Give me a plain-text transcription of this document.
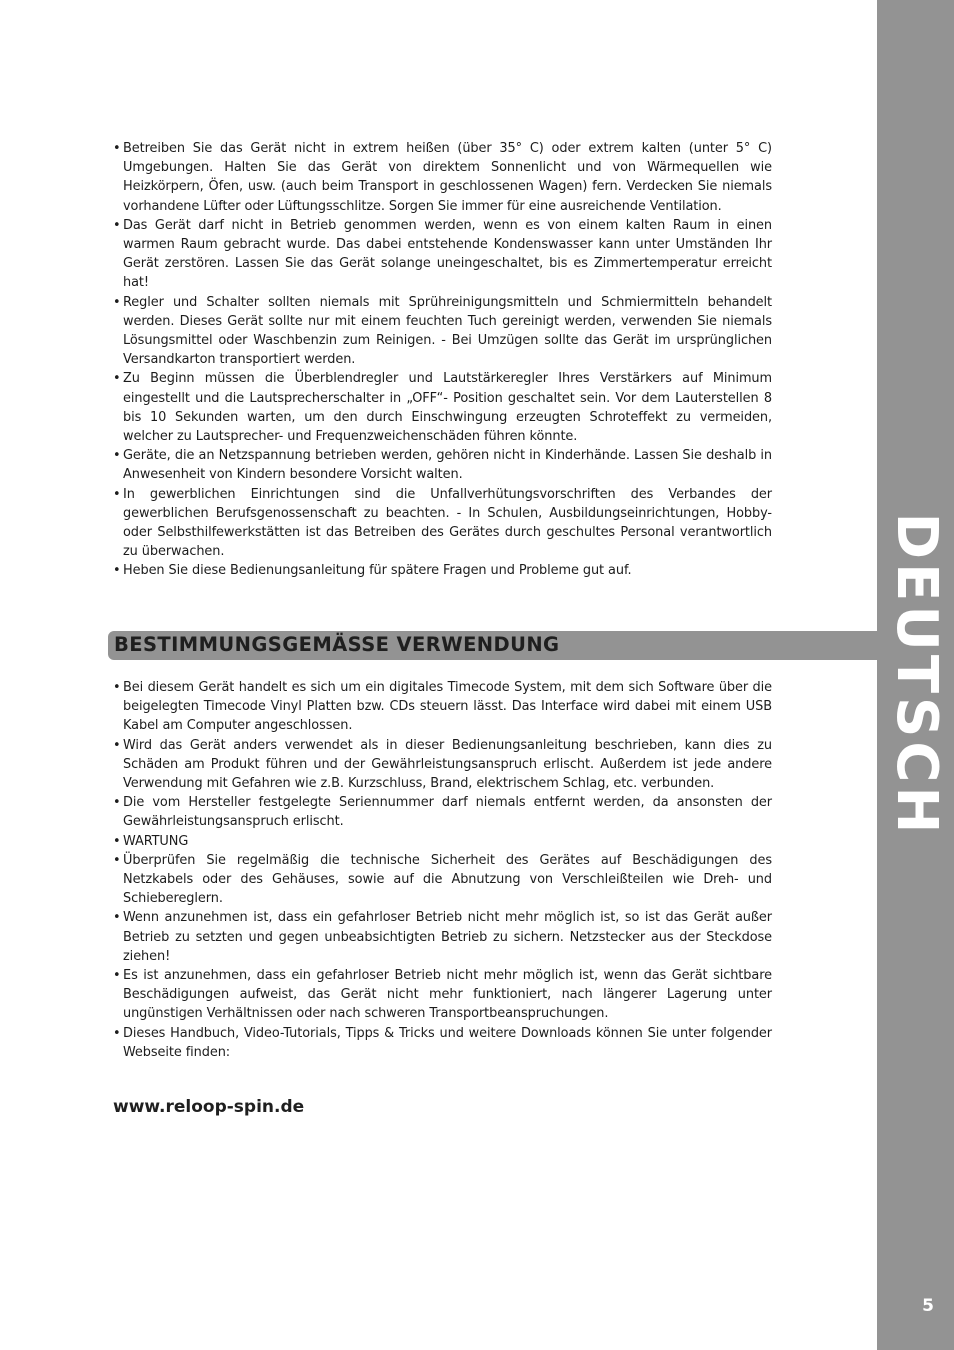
DEUTSCH
5
• Betreiben Sie das Gerät nicht in extrem heißen (über 35° C) oder extrem kalten (unter 5° C) Umgebungen. Halten Sie das Gerät von direktem Sonnenlicht und von Wärmequellen wie Heizkörpern, Öfen, usw. (auch beim Transport in geschlossenen Wagen) fern. Verdecken Sie niemals vorhandene Lüfter oder Lüftungsschlitze. Sorgen Sie immer für eine ausreichende Ventilation.
• Das Gerät darf nicht in Betrieb genommen werden, wenn es von einem kalten Raum in einen warmen Raum gebracht wurde. Das dabei entstehende Kondenswasser kann unter Umständen Ihr Gerät zerstören. Lassen Sie das Gerät solange uneingeschaltet, bis es Zimmertemperatur erreicht hat!
• Regler und Schalter sollten niemals mit Sprühreinigungsmitteln und Schmiermitteln behandelt werden. Dieses Gerät sollte nur mit einem feuchten Tuch gereinigt werden, verwenden Sie niemals Lösungsmittel oder Waschbenzin zum Reinigen. - Bei Umzügen sollte das Gerät im ursprünglichen Versandkarton transportiert werden.
• Zu Beginn müssen die Überblendregler und Lautstärkeregler Ihres Verstärkers auf Minimum eingestellt und die Lautsprecherschalter in „OFF“- Position geschaltet sein. Vor dem Lauterstellen 8 bis 10 Sekunden warten, um den durch Einschwingung erzeugten Schroteffekt zu vermeiden, welcher zu Lautsprecher- und Frequenzweichenschäden führen könnte.
• Geräte, die an Netzspannung betrieben werden, gehören nicht in Kinderhände. Lassen Sie deshalb in Anwesenheit von Kindern besondere Vorsicht walten.
• In gewerblichen Einrichtungen sind die Unfallverhütungsvorschriften des Verbandes der gewerblichen Berufsgenossenschaft zu beachten. - In Schulen, Ausbildungseinrichtungen, Hobby- oder Selbsthilfewerkstätten ist das Betreiben des Gerätes durch geschultes Personal verantwortlich zu überwachen.
• Heben Sie diese Bedienungsanleitung für spätere Fragen und Probleme gut auf.
BESTIMMUNGSGEMÄSSE VERWENDUNG
• Bei diesem Gerät handelt es sich um ein digitales Timecode System, mit dem sich Software über die beigelegten Timecode Vinyl Platten bzw. CDs steuern lässt. Das Interface wird dabei mit einem USB Kabel am Computer angeschlossen.
• Wird das Gerät anders verwendet als in dieser Bedienungsanleitung beschrieben, kann dies zu Schäden am Produkt führen und der Gewährleistungsanspruch erlischt. Außerdem ist jede andere Verwendung mit Gefahren wie z.B. Kurzschluss, Brand, elektrischem Schlag, etc. verbunden.
• Die vom Hersteller festgelegte Seriennummer darf niemals entfernt werden, da ansonsten der Gewährleistungsanspruch erlischt.
• WARTUNG
• Überprüfen Sie regelmäßig die technische Sicherheit des Gerätes auf Beschädigungen des Netzkabels oder des Gehäuses, sowie auf die Abnutzung von Verschleißteilen wie Dreh- und Schiebereglern.
• Wenn anzunehmen ist, dass ein gefahrloser Betrieb nicht mehr möglich ist, so ist das Gerät außer Betrieb zu setzten und gegen unbeabsichtigten Betrieb zu sichern. Netzstecker aus der Steckdose ziehen!
• Es ist anzunehmen, dass ein gefahrloser Betrieb nicht mehr möglich ist, wenn das Gerät sichtbare Beschädigungen aufweist, das Gerät nicht mehr funktioniert, nach längerer Lagerung unter ungünstigen Verhältnissen oder nach schweren Transportbeanspruchungen.
• Dieses Handbuch, Video-Tutorials, Tipps & Tricks und weitere Downloads können Sie unter folgender Webseite finden:
www.reloop-spin.de
